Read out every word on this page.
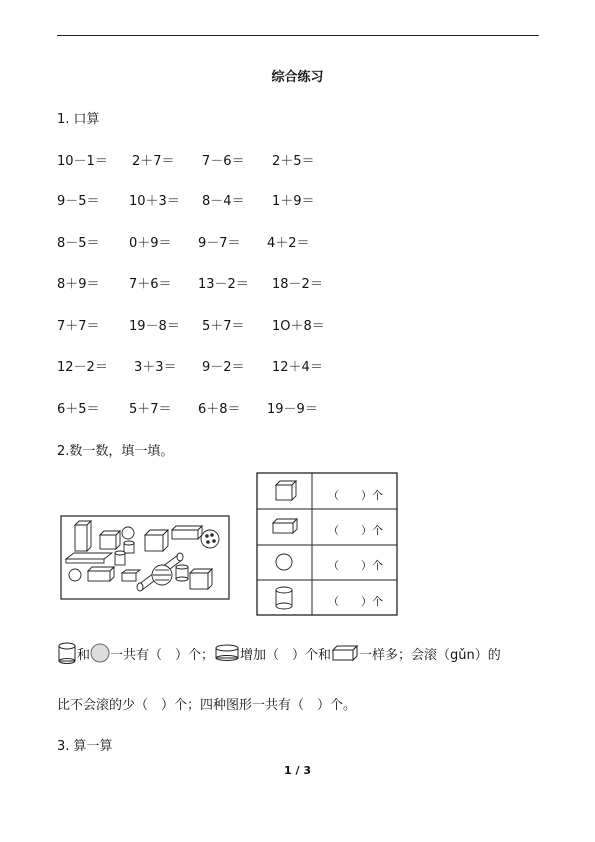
综合练习
1. 口算
10－1＝ 2＋7＝ 7－6＝ 2＋5＝
9－5＝ 10＋3＝ 8－4＝ 1＋9＝
8－5＝ 0＋9＝ 9－7＝ 4＋2＝
8＋9＝ 7＋6＝ 13－2＝ 18－2＝
7＋7＝ 19－8＝ 5＋7＝ 1O＋8＝
12－2＝ 3＋3＝ 9－2＝ 12＋4＝
6＋5＝ 5＋7＝ 6＋8＝ 19－9＝
2.数一数，填一填。
（　　）个
（　　）个
（　　）个
（　　）个
和 一共有（　）个； 增加（　）个和 一样多；会滚（gǔn）的
比不会滚的少（　）个；四种图形一共有（　）个。
3. 算一算
1 / 3
